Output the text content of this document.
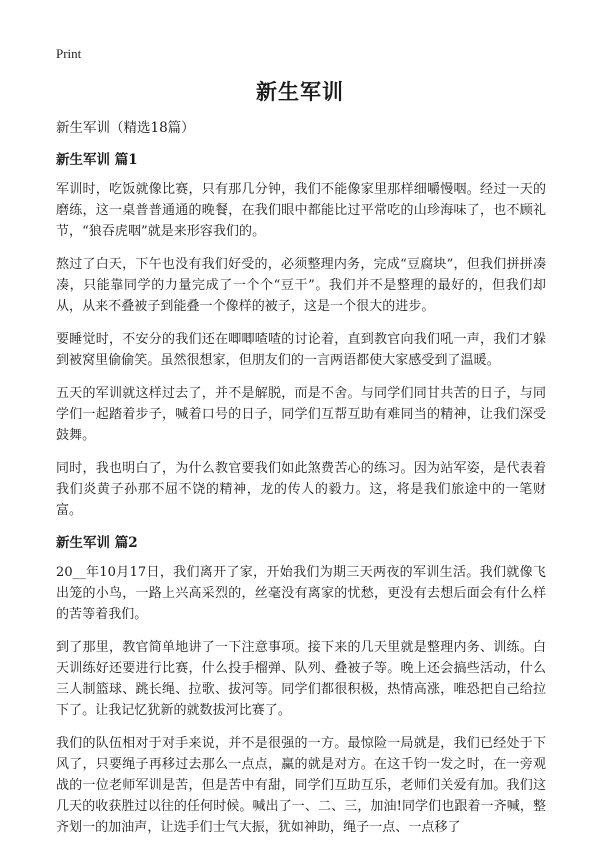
Print
新生军训
新生军训（精选18篇）
新生军训 篇1

军训时，吃饭就像比赛，只有那几分钟，我们不能像家里那样细嚼慢咽。经过一天的磨练，这一桌普普通通的晚餐，在我们眼中都能比过平常吃的山珍海味了，也不顾礼节，“狼吞虎咽”就是来形容我们的。

熬过了白天，下午也没有我们好受的，必须整理内务，完成“豆腐块”，但我们拼拼凑凑，只能靠同学的力量完成了一个个“豆干”。我们并不是整理的最好的，但我们却从，从来不叠被子到能叠一个像样的被子，这是一个很大的进步。

要睡觉时，不安分的我们还在唧唧喳喳的讨论着，直到教官向我们吼一声，我们才躲到被窝里偷偷笑。虽然很想家，但朋友们的一言两语都使大家感受到了温暖。

五天的军训就这样过去了，并不是解脱，而是不舍。与同学们同甘共苦的日子，与同学们一起踏着步子，喊着口号的日子，同学们互帮互助有难同当的精神，让我们深受鼓舞。

同时，我也明白了，为什么教官要我们如此煞费苦心的练习。因为站军姿，是代表着我们炎黄子孙那不屈不饶的精神，龙的传人的毅力。这，将是我们旅途中的一笔财富。

新生军训 篇2

20__年10月17日，我们离开了家，开始我们为期三天两夜的军训生活。我们就像飞出笼的小鸟，一路上兴高采烈的，丝毫没有离家的忧愁，更没有去想后面会有什么样的苦等着我们。

到了那里，教官简单地讲了一下注意事项。接下来的几天里就是整理内务、训练。白天训练好还要进行比赛，什么投手榴弹、队列、叠被子等。晚上还会搞些活动，什么三人制篮球、跳长绳、拉歌、拔河等。同学们都很积极，热情高涨，唯恐把自己给拉下了。让我记忆犹新的就数拔河比赛了。

我们的队伍相对于对手来说，并不是很强的一方。最惊险一局就是，我们已经处于下风了，只要绳子再移过去那么一点点，赢的就是对方。在这千钧一发之时，在一旁观战的一位老师军训是苦，但是苦中有甜，同学们互助互乐，老师们关爱有加。我们这几天的收获胜过以往的任何时候。喊出了一、二、三，加油!同学们也跟着一齐喊，整齐划一的加油声，让选手们士气大振，犹如神助，绳子一点、一点移了
